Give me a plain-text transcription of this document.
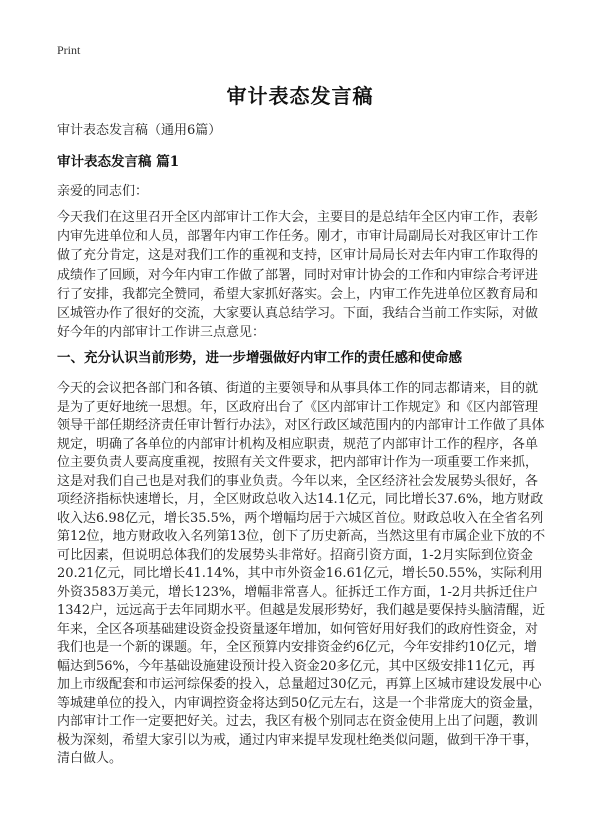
Print
审计表态发言稿
审计表态发言稿（通用6篇）
审计表态发言稿 篇1
亲爱的同志们：

今天我们在这里召开全区内部审计工作大会，主要目的是总结年全区内审工作，表彰内审先进单位和人员，部署年内审工作任务。刚才，市审计局副局长对我区审计工作做了充分肯定，这是对我们工作的重视和支持，区审计局局长对去年内审工作取得的成绩作了回顾，对今年内审工作做了部署，同时对审计协会的工作和内审综合考评进行了安排，我都完全赞同，希望大家抓好落实。会上，内审工作先进单位区教育局和区城管办作了很好的交流，大家要认真总结学习。下面，我结合当前工作实际，对做好今年的内部审计工作讲三点意见：

一、充分认识当前形势，进一步增强做好内审工作的责任感和使命感

今天的会议把各部门和各镇、街道的主要领导和从事具体工作的同志都请来，目的就是为了更好地统一思想。年，区政府出台了《区内部审计工作规定》和《区内部管理领导干部任期经济责任审计暂行办法》，对区行政区域范围内的内部审计工作做了具体规定，明确了各单位的内部审计机构及相应职责，规范了内部审计工作的程序，各单位主要负责人要高度重视，按照有关文件要求，把内部审计作为一项重要工作来抓，这是对我们自己也是对我们的事业负责。今年以来，全区经济社会发展势头很好，各项经济指标快速增长，月，全区财政总收入达14.1亿元，同比增长37.6%，地方财政收入达6.98亿元，增长35.5%，两个增幅均居于六城区首位。财政总收入在全省名列第12位，地方财政收入名列第13位，创下了历史新高，当然这里有市属企业下放的不可比因素，但说明总体我们的发展势头非常好。招商引资方面，1-2月实际到位资金20.21亿元，同比增长41.14%，其中市外资金16.61亿元，增长50.55%，实际利用外资3583万美元，增长123%，增幅非常喜人。征拆迁工作方面，1-2月共拆迁住户1342户，远远高于去年同期水平。但越是发展形势好，我们越是要保持头脑清醒，近年来，全区各项基础建设资金投资量逐年增加，如何管好用好我们的政府性资金，对我们也是一个新的课题。年，全区预算内安排资金约6亿元，今年安排约10亿元，增幅达到56%，今年基础设施建设预计投入资金20多亿元，其中区级安排11亿元，再加上市级配套和市运河综保委的投入，总量超过30亿元，再算上区城市建设发展中心等城建单位的投入，内审调控资金将达到50亿元左右，这是一个非常庞大的资金量，内部审计工作一定要把好关。过去，我区有极个别同志在资金使用上出了问题，教训极为深刻，希望大家引以为戒，通过内审来提早发现杜绝类似问题，做到干净干事，清白做人。
